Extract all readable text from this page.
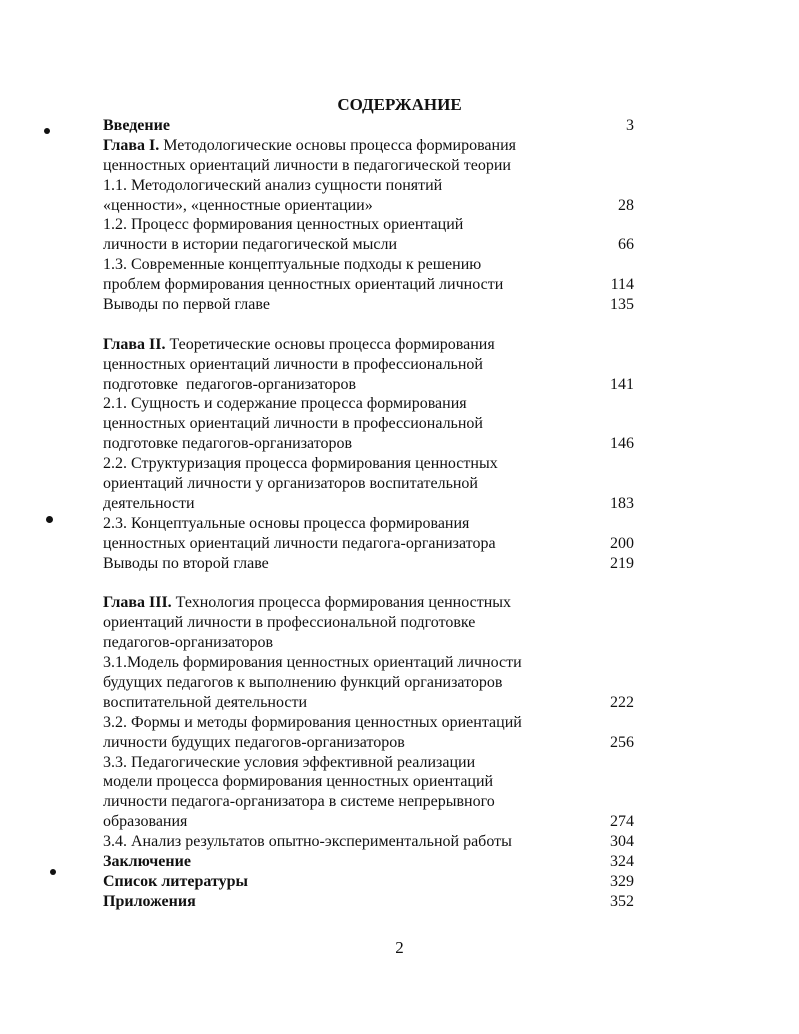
СОДЕРЖАНИЕ
Введение	3
Глава I. Методологические основы процесса формирования
ценностных ориентаций личности в педагогической теории
1.1. Методологический анализ сущности понятий
«ценности», «ценностные ориентации»	28
1.2. Процесс формирования ценностных ориентаций
личности в истории педагогической мысли	66
1.3. Современные концептуальные подходы к решению
проблем формирования ценностных ориентаций личности	114
Выводы по первой главе	135
Глава II. Теоретические основы процесса формирования
ценностных ориентаций личности в профессиональной
подготовке  педагогов-организаторов	141
2.1. Сущность и содержание процесса формирования
ценностных ориентаций личности в профессиональной
подготовке педагогов-организаторов	146
2.2. Структуризация процесса формирования ценностных
ориентаций личности у организаторов воспитательной
деятельности	183
2.3. Концептуальные основы процесса формирования
ценностных ориентаций личности педагога-организатора	200
Выводы по второй главе	219
Глава III. Технология процесса формирования ценностных
ориентаций личности в профессиональной подготовке
педагогов-организаторов
3.1.Модель формирования ценностных ориентаций личности
будущих педагогов к выполнению функций организаторов
воспитательной деятельности	222
3.2. Формы и методы формирования ценностных ориентаций
личности будущих педагогов-организаторов	256
3.3. Педагогические условия эффективной реализации
модели процесса формирования ценностных ориентаций
личности педагога-организатора в системе непрерывного
образования	274
3.4. Анализ результатов опытно-экспериментальной работы	304
Заключение	324
Список литературы	329
Приложения	352
2
